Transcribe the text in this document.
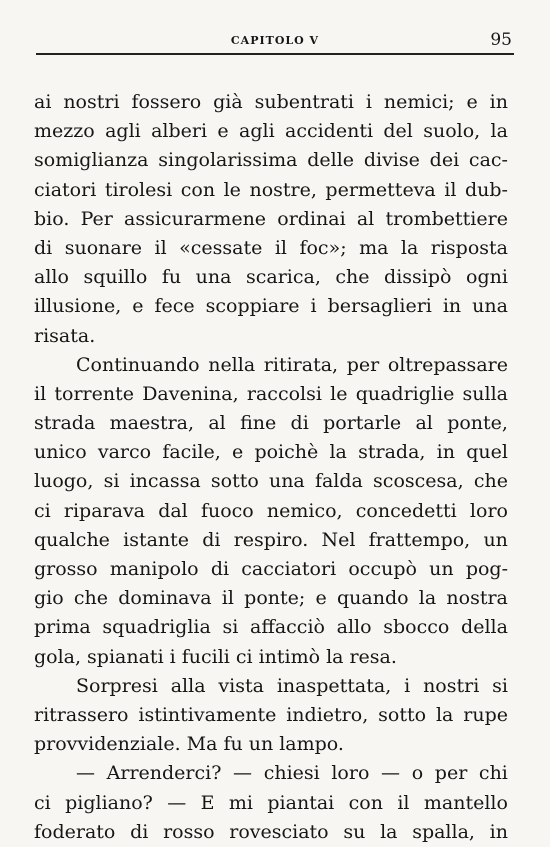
CAPITOLO V	95
ai nostri fossero già subentrati i nemici; e in
mezzo agli alberi e agli accidenti del suolo, la
somiglianza singolarissima delle divise dei cac-
ciatori tirolesi con le nostre, permetteva il dub-
bio. Per assicurarmene ordinai al trombettiere
di suonare il «cessate il foc»; ma la risposta
allo squillo fu una scarica, che dissipò ogni
illusione, e fece scoppiare i bersaglieri in una
risata.
Continuando nella ritirata, per oltrepassare
il torrente Davenina, raccolsi le quadriglie sulla
strada maestra, al fine di portarle al ponte,
unico varco facile, e poichè la strada, in quel
luogo, si incassa sotto una falda scoscesa, che
ci riparava dal fuoco nemico, concedetti loro
qualche istante di respiro. Nel frattempo, un
grosso manipolo di cacciatori occupò un pog-
gio che dominava il ponte; e quando la nostra
prima squadriglia si affacciò allo sbocco della
gola, spianati i fucili ci intimò la resa.
Sorpresi alla vista inaspettata, i nostri si
ritrassero istintivamente indietro, sotto la rupe
provvidenziale. Ma fu un lampo.
— Arrenderci? — chiesi loro — o per chi
ci pigliano? — E mi piantai con il mantello
foderato di rosso rovesciato su la spalla, in
